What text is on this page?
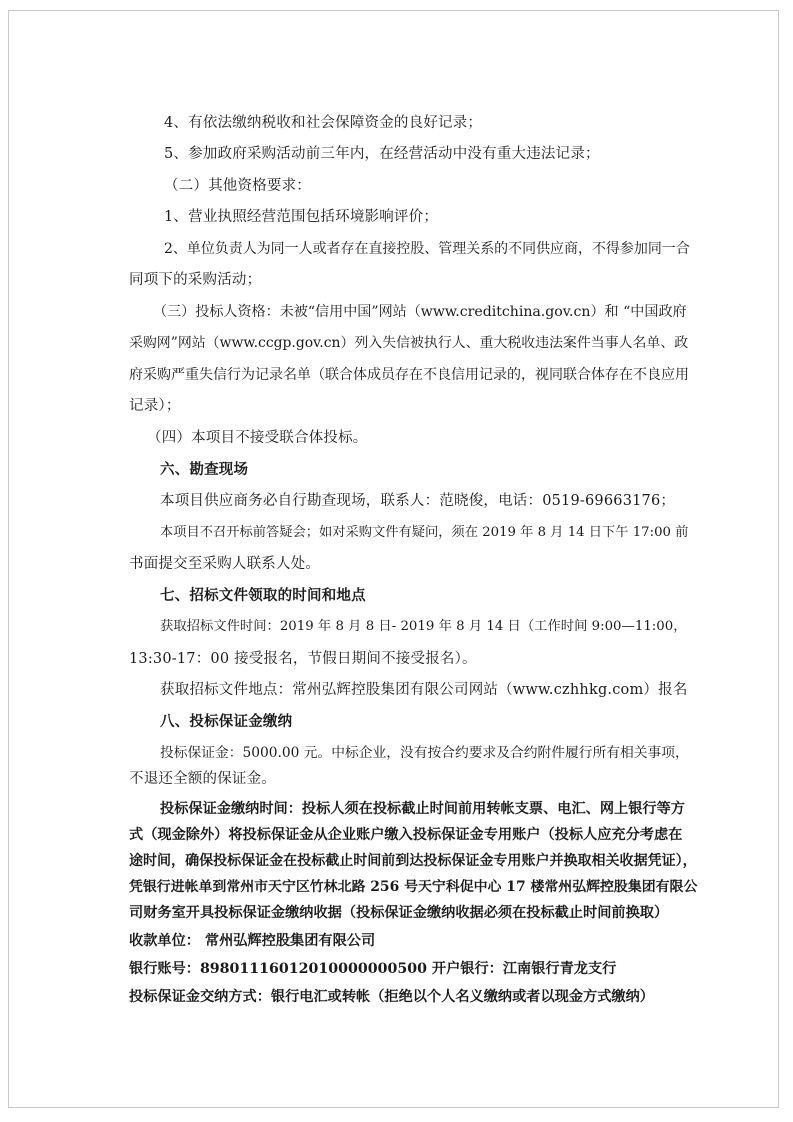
4、有依法缴纳税收和社会保障资金的良好记录；
5、参加政府采购活动前三年内，在经营活动中没有重大违法记录；
（二）其他资格要求：
1、营业执照经营范围包括环境影响评价；
2、单位负责人为同一人或者存在直接控股、管理关系的不同供应商，不得参加同一合
同项下的采购活动；
（三）投标人资格：未被“信用中国”网站（www.creditchina.gov.cn）和 “中国政府
采购网”网站（www.ccgp.gov.cn）列入失信被执行人、重大税收违法案件当事人名单、政
府采购严重失信行为记录名单（联合体成员存在不良信用记录的，视同联合体存在不良应用
记录）；
（四）本项目不接受联合体投标。
六、勘查现场
本项目供应商务必自行勘查现场，联系人：范晓俊，电话：0519-69663176；
本项目不召开标前答疑会；如对采购文件有疑问，须在 2019 年 8 月 14 日下午 17:00 前
书面提交至采购人联系人处。
七、招标文件领取的时间和地点
获取招标文件时间：2019 年 8 月 8 日- 2019 年 8 月 14 日（工作时间 9:00—11:00，
13:30-17：00 接受报名，节假日期间不接受报名）。
获取招标文件地点：常州弘辉控股集团有限公司网站（www.czhhkg.com）报名
八、投标保证金缴纳
投标保证金：5000.00 元。中标企业，没有按合约要求及合约附件履行所有相关事项，
不退还全额的保证金。
投标保证金缴纳时间：投标人须在投标截止时间前用转帐支票、电汇、网上银行等方
式（现金除外）将投标保证金从企业账户缴入投标保证金专用账户（投标人应充分考虑在
途时间，确保投标保证金在投标截止时间前到达投标保证金专用账户并换取相关收据凭证），
凭银行进帐单到常州市天宁区竹林北路 256 号天宁科促中心 17 楼常州弘辉控股集团有限公
司财务室开具投标保证金缴纳收据（投标保证金缴纳收据必须在投标截止时间前换取）
收款单位： 常州弘辉控股集团有限公司
银行账号：89801116012010000000500 开户银行：江南银行青龙支行
投标保证金交纳方式：银行电汇或转帐（拒绝以个人名义缴纳或者以现金方式缴纳）
